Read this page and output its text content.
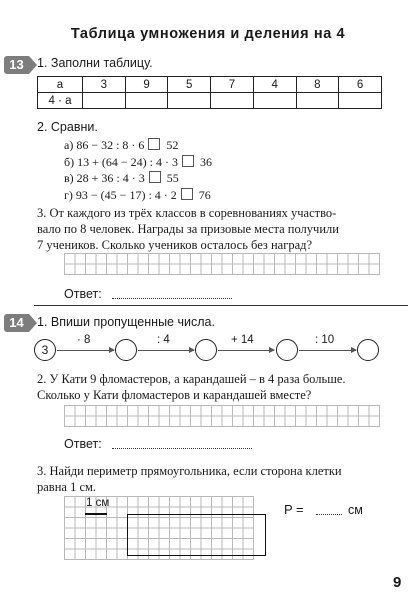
Таблица умножения и деления на 4
13	1. Заполни таблицу.
a	3	9	5	7	4	8	6
4 · a							
2. Сравни.
а) 86 − 32 : 8 · 6 52
б) 13 + (64 − 24) : 4 · 3 36
в) 28 + 36 : 4 · 3 55
г) 93 − (45 − 17) : 4 · 2 76
3. От каждого из трёх классов в соревнованиях участво-
вало по 8 человек. Награды за призовые места получили
7 учеников. Сколько учеников осталось без наград?
Ответ:
14	1. Впиши пропущенные числа.
3
· 8	: 4	+ 14	: 10
2. У Кати 9 фломастеров, а карандашей – в 4 раза больше.
Сколько у Кати фломастеров и карандашей вместе?
Ответ:
3. Найди периметр прямоугольника, если сторона клетки
равна 1 см.
1 см	P =	см
9
